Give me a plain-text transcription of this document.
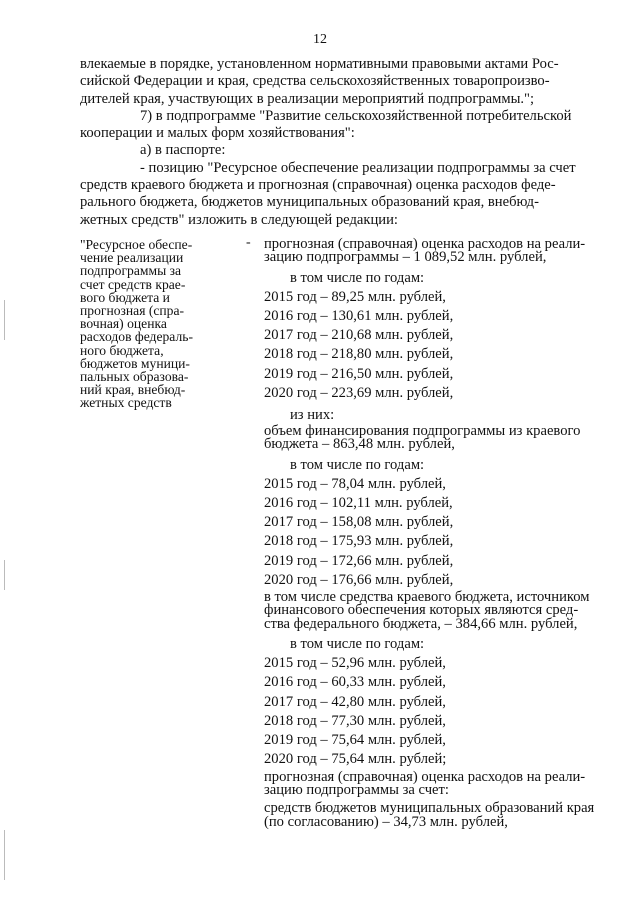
12

влекаемые в порядке, установленном нормативными правовыми актами Рос-

сийской Федерации и края, средства сельскохозяйственных товаропроизво-

дителей края, участвующих в реализации мероприятий подпрограммы.";

7) в подпрограмме "Развитие сельскохозяйственной потребительской

кооперации и малых форм хозяйствования":

а) в паспорте:

- позицию "Ресурсное обеспечение реализации подпрограммы за счет

средств краевого бюджета и прогнозная (справочная) оценка расходов феде-

рального бюджета, бюджетов муниципальных образований края, внебюд-

жетных средств" изложить в следующей редакции:

"Ресурсное обеспе-
чение реализации
подпрограммы за
счет средств крае-
вого бюджета и
прогнозная (спра-
вочная) оценка
расходов федераль-
ного бюджета,
бюджетов муници-
пальных образова-
ний края, внебюд-
жетных средств
- прогнозная (справочная) оценка расходов на реали-

зацию подпрограммы – 1 089,52 млн. рублей,

в том числе по годам:

2015 год – 89,25 млн. рублей,

2016 год – 130,61 млн. рублей,

2017 год – 210,68 млн. рублей,

2018 год – 218,80 млн. рублей,

2019 год – 216,50 млн. рублей,

2020 год – 223,69 млн. рублей,

из них:

объем финансирования подпрограммы из краевого

бюджета – 863,48 млн. рублей,

в том числе по годам:

2015 год – 78,04 млн. рублей,

2016 год – 102,11 млн. рублей,

2017 год – 158,08 млн. рублей,

2018 год – 175,93 млн. рублей,

2019 год – 172,66 млн. рублей,

2020 год – 176,66 млн. рублей,

в том числе средства краевого бюджета, источником

финансового обеспечения которых являются сред-

ства федерального бюджета, – 384,66 млн. рублей,

в том числе по годам:

2015 год – 52,96 млн. рублей,

2016 год – 60,33 млн. рублей,

2017 год – 42,80 млн. рублей,

2018 год – 77,30 млн. рублей,

2019 год – 75,64 млн. рублей,

2020 год – 75,64 млн. рублей;

прогнозная (справочная) оценка расходов на реали-

зацию подпрограммы за счет:

средств бюджетов муниципальных образований края

(по согласованию) – 34,73 млн. рублей,
